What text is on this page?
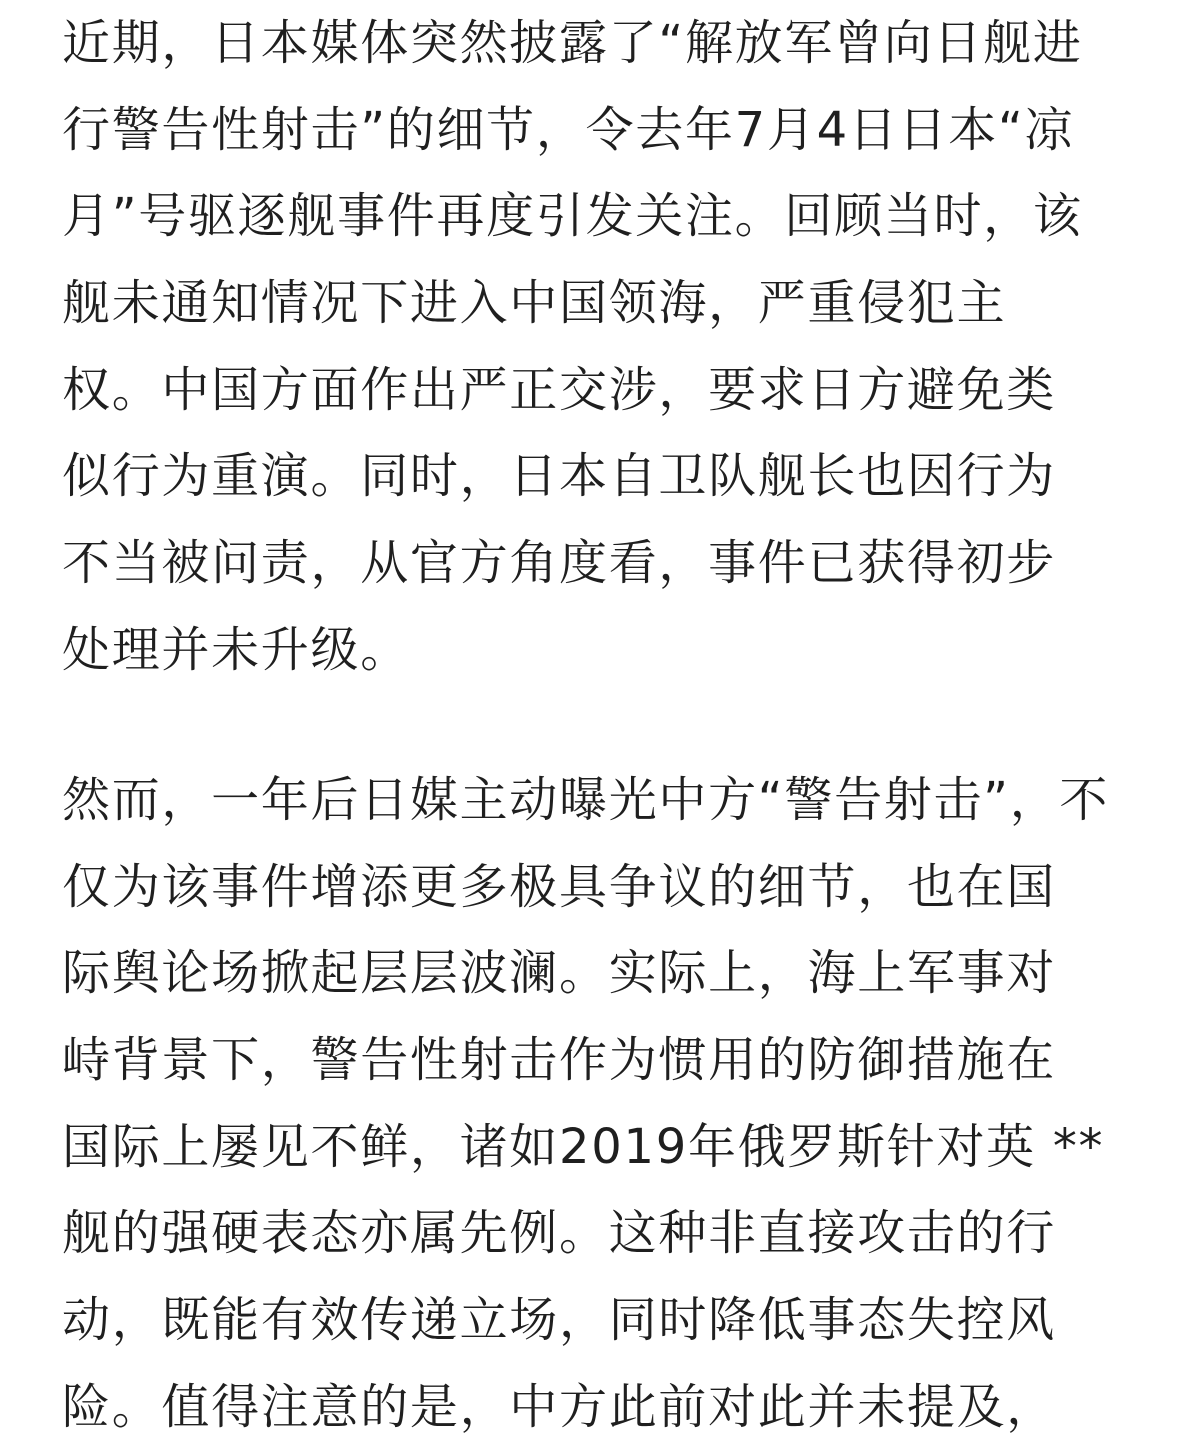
近期，日本媒体突然披露了“解放军曾向日舰进
行警告性射击”的细节，令去年7月4日日本“凉
月”号驱逐舰事件再度引发关注。回顾当时，该
舰未通知情况下进入中国领海，严重侵犯主
权。中国方面作出严正交涉，要求日方避免类
似行为重演。同时，日本自卫队舰长也因行为
不当被问责，从官方角度看，事件已获得初步
处理并未升级。
然而，一年后日媒主动曝光中方“警告射击”，不
仅为该事件增添更多极具争议的细节，也在国
际舆论场掀起层层波澜。实际上，海上军事对
峙背景下，警告性射击作为惯用的防御措施在
国际上屡见不鲜，诸如2019年俄罗斯针对英 **
舰的强硬表态亦属先例。这种非直接攻击的行
动，既能有效传递立场，同时降低事态失控风
险。值得注意的是，中方此前对此并未提及，
